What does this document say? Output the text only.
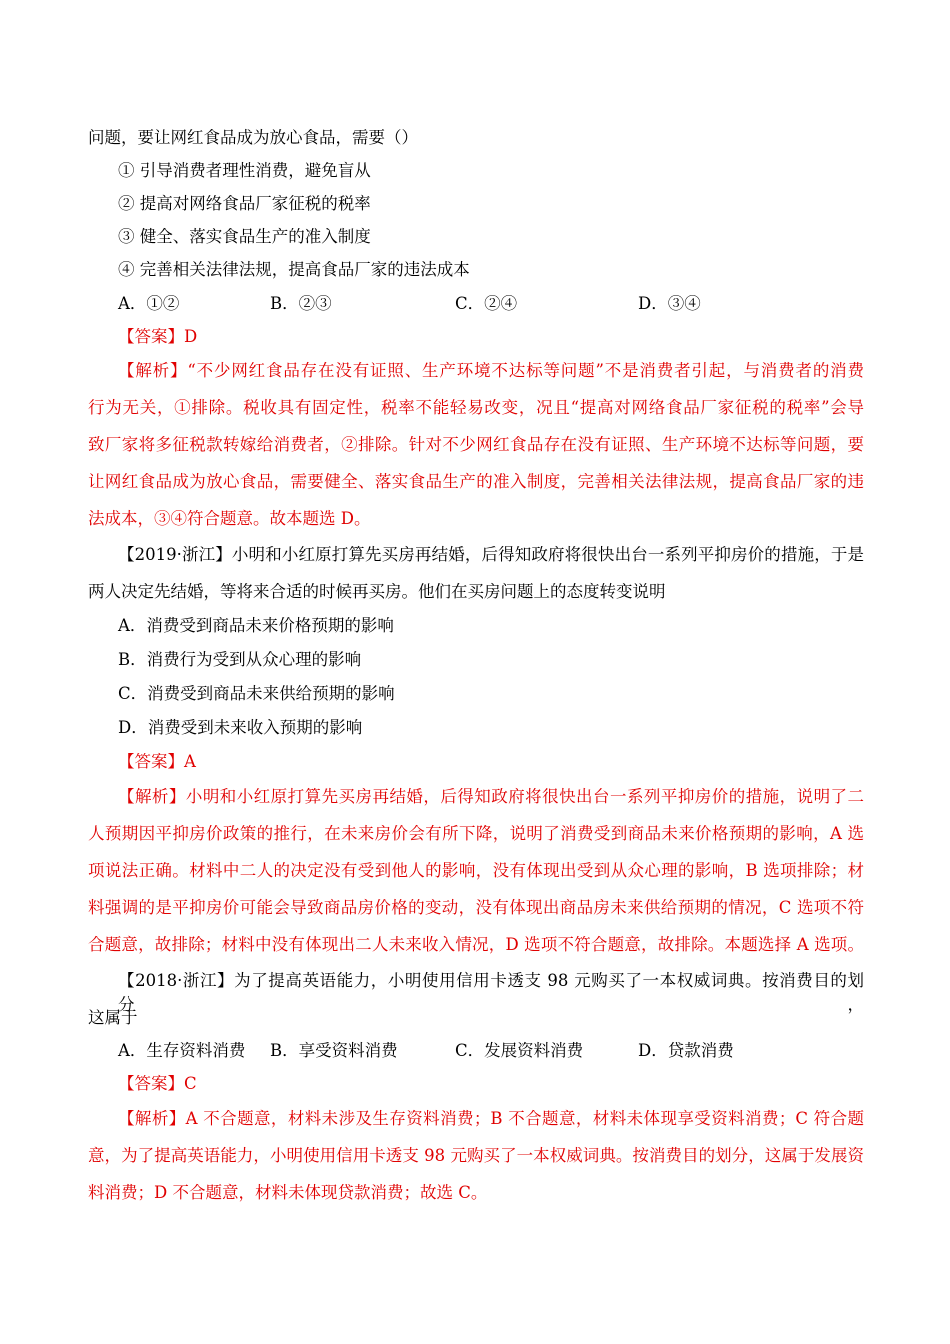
问题，要让网红食品成为放心食品，需要（）
① 引导消费者理性消费，避免盲从
② 提高对网络食品厂家征税的税率
③ 健全、落实食品生产的准入制度
④ 完善相关法律法规，提高食品厂家的违法成本
A．①②	B．②③	C．②④	D．③④
【答案】D
【解析】“不少网红食品存在没有证照、生产环境不达标等问题”不是消费者引起，与消费者的消费
行为无关，①排除。税收具有固定性，税率不能轻易改变，况且“提高对网络食品厂家征税的税率”会导
致厂家将多征税款转嫁给消费者，②排除。针对不少网红食品存在没有证照、生产环境不达标等问题，要
让网红食品成为放心食品，需要健全、落实食品生产的准入制度，完善相关法律法规，提高食品厂家的违
法成本，③④符合题意。故本题选 D。
【2019·浙江】小明和小红原打算先买房再结婚，后得知政府将很快出台一系列平抑房价的措施，于是
两人决定先结婚，等将来合适的时候再买房。他们在买房问题上的态度转变说明
A．消费受到商品未来价格预期的影响
B．消费行为受到从众心理的影响
C．消费受到商品未来供给预期的影响
D．消费受到未来收入预期的影响
【答案】A
【解析】小明和小红原打算先买房再结婚，后得知政府将很快出台一系列平抑房价的措施，说明了二
人预期因平抑房价政策的推行，在未来房价会有所下降，说明了消费受到商品未来价格预期的影响，A 选
项说法正确。材料中二人的决定没有受到他人的影响，没有体现出受到从众心理的影响，B 选项排除；材
料强调的是平抑房价可能会导致商品房价格的变动，没有体现出商品房未来供给预期的情况，C 选项不符
合题意，故排除；材料中没有体现出二人未来收入情况，D 选项不符合题意，故排除。本题选择 A 选项。
【2018·浙江】为了提高英语能力，小明使用信用卡透支 98 元购买了一本权威词典。按消费目的划分，
这属于
A．生存资料消费 B．享受资料消费	C．发展资料消费	D．贷款消费
【答案】C
【解析】A 不合题意，材料未涉及生存资料消费；B 不合题意，材料未体现享受资料消费；C 符合题
意，为了提高英语能力，小明使用信用卡透支 98 元购买了一本权威词典。按消费目的划分，这属于发展资
料消费；D 不合题意，材料未体现贷款消费；故选 C。
